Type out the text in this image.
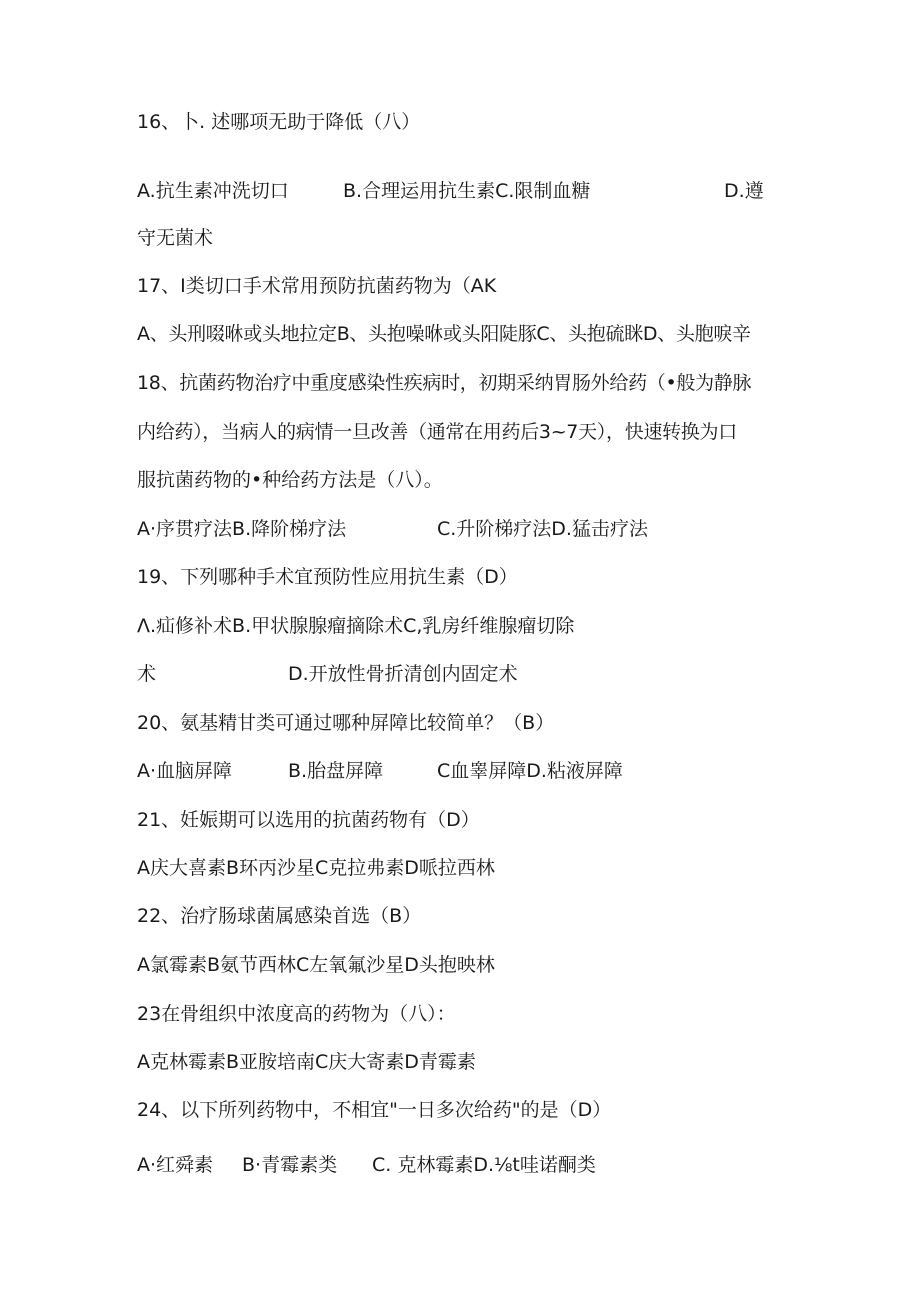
16、卜. 述哪项无助于降低（八）

A.抗生素冲洗切口	B.合理运用抗生素C.限制血糖	D.遵

守无菌术

17、I类切口手术常用预防抗菌药物为（AK

A、头刑啜咻或头地拉定B、头抱噪咻或头阳陡豚C、头抱硫眯D、头胞唳辛

18、抗菌药物治疗中重度感染性疾病时，初期采纳胃肠外给药（•般为静脉

内给药），当病人的病情一旦改善（通常在用药后3~7天），快速转换为口

服抗菌药物的•种给药方法是（八）。

A·序贯疗法B.降阶梯疗法	C.升阶梯疗法D.猛击疗法

19、下列哪种手术宜预防性应用抗生素（D）

Λ.疝修补术B.甲状腺腺瘤摘除术C,乳房纤维腺瘤切除

术	D.开放性骨折清创内固定术

20、氨基精甘类可通过哪种屏障比较简单？（B）

A·血脑屏障	B.胎盘屏障	C血睾屏障D.粘液屏障

21、妊娠期可以选用的抗菌药物有（D）

A庆大喜素B环丙沙星C克拉弗素D哌拉西林

22、治疗肠球菌属感染首选（B）

A氯霉素B氨节西林C左氧氟沙星D头抱映林

23在骨组织中浓度高的药物为（八）：

A克林霉素B亚胺培南C庆大寄素D青霉素

24、以下所列药物中，不相宜"一日多次给药"的是（D）

A·红舜素 B·青霉素类 C. 克林霉素D.⅛t哇诺酮类
